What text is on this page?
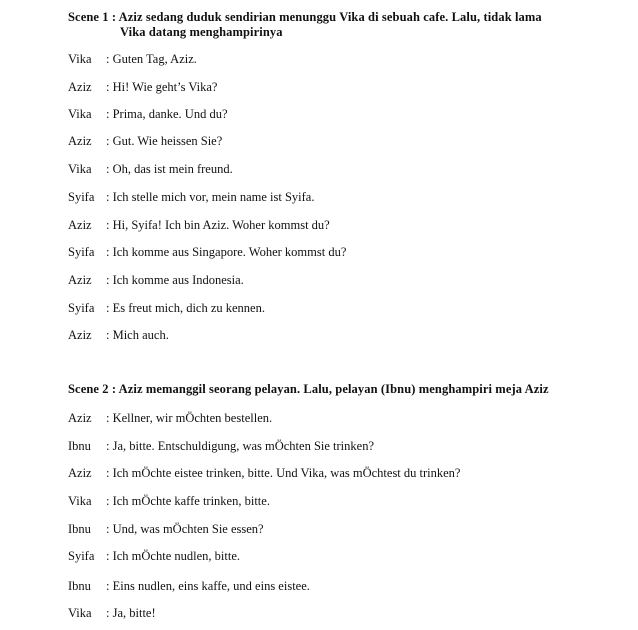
Scene 1 : Aziz sedang duduk sendirian menunggu Vika di sebuah cafe. Lalu, tidak lama
Vika datang menghampirinya
Vika : Guten Tag, Aziz.
Aziz : Hi! Wie geht’s Vika?
Vika : Prima, danke. Und du?
Aziz : Gut. Wie heissen Sie?
Vika : Oh, das ist mein freund.
Syifa : Ich stelle mich vor, mein name ist Syifa.
Aziz : Hi, Syifa! Ich bin Aziz. Woher kommst du?
Syifa : Ich komme aus Singapore. Woher kommst du?
Aziz : Ich komme aus Indonesia.
Syifa : Es freut mich, dich zu kennen.
Aziz : Mich auch.
Scene 2 : Aziz memanggil seorang pelayan. Lalu, pelayan (Ibnu) menghampiri meja Aziz
Aziz : Kellner, wir mÖchten bestellen.
Ibnu : Ja, bitte. Entschuldigung, was mÖchten Sie trinken?
Aziz : Ich mÖchte eistee trinken, bitte. Und Vika, was mÖchtest du trinken?
Vika : Ich mÖchte kaffe trinken, bitte.
Ibnu : Und, was mÖchten Sie essen?
Syifa : Ich mÖchte nudlen, bitte.
Ibnu : Eins nudlen, eins kaffe, und eins eistee.
Vika : Ja, bitte!
